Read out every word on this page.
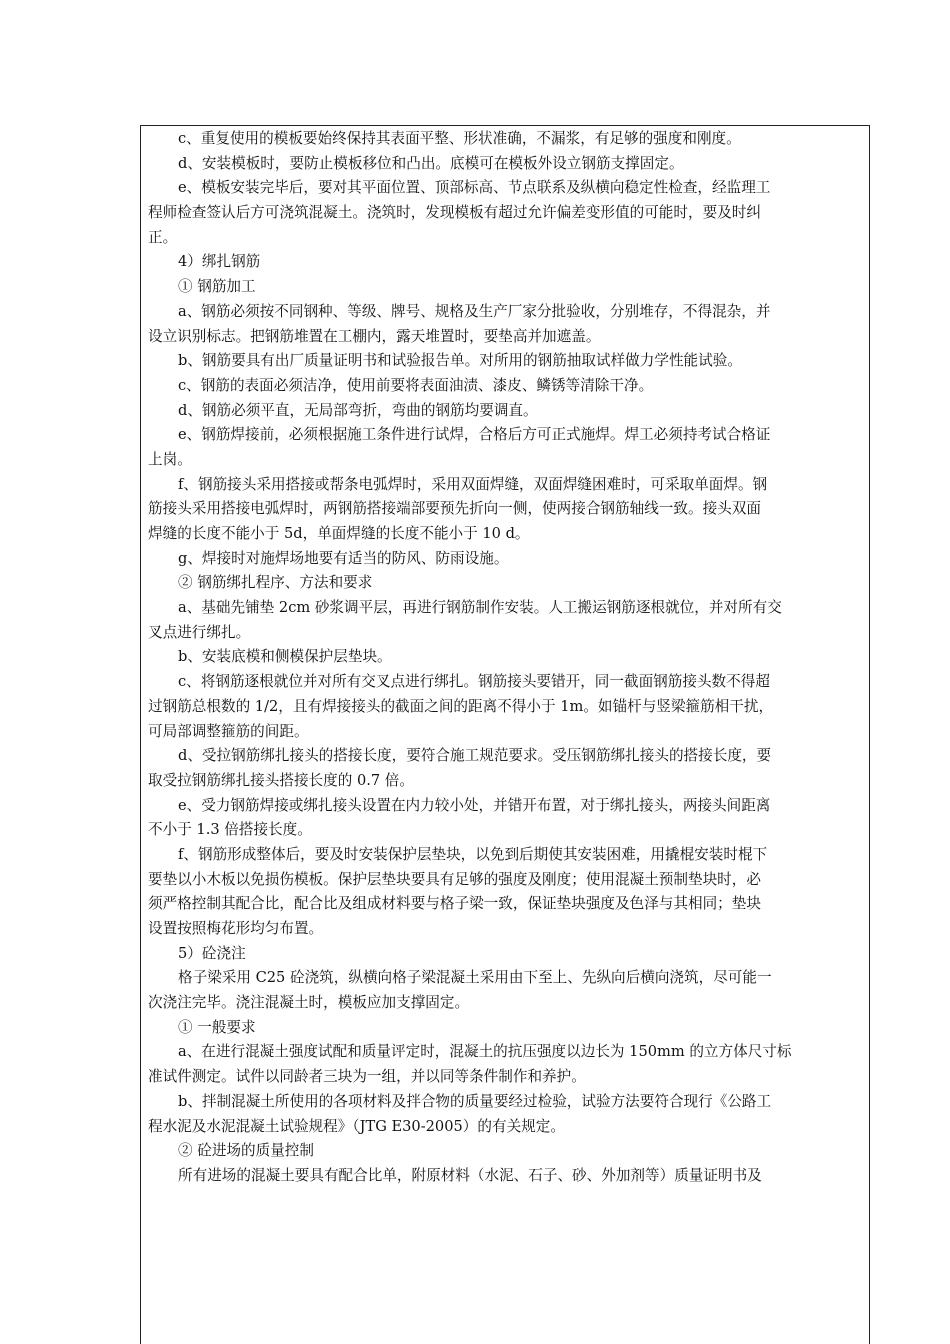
c、重复使用的模板要始终保持其表面平整、形状准确，不漏浆，有足够的强度和刚度。
d、安装模板时，要防止模板移位和凸出。底模可在模板外设立钢筋支撑固定。
e、模板安装完毕后，要对其平面位置、顶部标高、节点联系及纵横向稳定性检查，经监理工
程师检查签认后方可浇筑混凝土。浇筑时，发现模板有超过允许偏差变形值的可能时，要及时纠
正。
4）绑扎钢筋
① 钢筋加工
a、钢筋必须按不同钢种、等级、牌号、规格及生产厂家分批验收，分别堆存，不得混杂，并
设立识别标志。把钢筋堆置在工棚内，露天堆置时，要垫高并加遮盖。
b、钢筋要具有出厂质量证明书和试验报告单。对所用的钢筋抽取试样做力学性能试验。
c、钢筋的表面必须洁净，使用前要将表面油渍、漆皮、鳞锈等清除干净。
d、钢筋必须平直，无局部弯折，弯曲的钢筋均要调直。
e、钢筋焊接前，必须根据施工条件进行试焊，合格后方可正式施焊。焊工必须持考试合格证
上岗。
f、钢筋接头采用搭接或帮条电弧焊时，采用双面焊缝，双面焊缝困难时，可采取单面焊。钢
筋接头采用搭接电弧焊时，两钢筋搭接端部要预先折向一侧，使两接合钢筋轴线一致。接头双面
焊缝的长度不能小于 5d，单面焊缝的长度不能小于 10 d。
g、焊接时对施焊场地要有适当的防风、防雨设施。
② 钢筋绑扎程序、方法和要求
a、基础先铺垫 2cm 砂浆调平层，再进行钢筋制作安装。人工搬运钢筋逐根就位，并对所有交
叉点进行绑扎。
b、安装底模和侧模保护层垫块。
c、将钢筋逐根就位并对所有交叉点进行绑扎。钢筋接头要错开，同一截面钢筋接头数不得超
过钢筋总根数的 1/2，且有焊接接头的截面之间的距离不得小于 1m。如锚杆与竖梁箍筋相干扰，
可局部调整箍筋的间距。
d、受拉钢筋绑扎接头的搭接长度，要符合施工规范要求。受压钢筋绑扎接头的搭接长度，要
取受拉钢筋绑扎接头搭接长度的 0.7 倍。
e、受力钢筋焊接或绑扎接头设置在内力较小处，并错开布置，对于绑扎接头，两接头间距离
不小于 1.3 倍搭接长度。
f、钢筋形成整体后，要及时安装保护层垫块，以免到后期使其安装困难，用撬棍安装时棍下
要垫以小木板以免损伤模板。保护层垫块要具有足够的强度及刚度；使用混凝土预制垫块时，必
须严格控制其配合比，配合比及组成材料要与格子梁一致，保证垫块强度及色泽与其相同；垫块
设置按照梅花形均匀布置。
5）砼浇注
格子梁采用 C25 砼浇筑，纵横向格子梁混凝土采用由下至上、先纵向后横向浇筑，尽可能一
次浇注完毕。浇注混凝土时，模板应加支撑固定。
① 一般要求
a、在进行混凝土强度试配和质量评定时，混凝土的抗压强度以边长为 150mm 的立方体尺寸标
准试件测定。试件以同龄者三块为一组，并以同等条件制作和养护。
b、拌制混凝土所使用的各项材料及拌合物的质量要经过检验，试验方法要符合现行《公路工
程水泥及水泥混凝土试验规程》（JTG E30-2005）的有关规定。
② 砼进场的质量控制
所有进场的混凝土要具有配合比单，附原材料（水泥、石子、砂、外加剂等）质量证明书及
